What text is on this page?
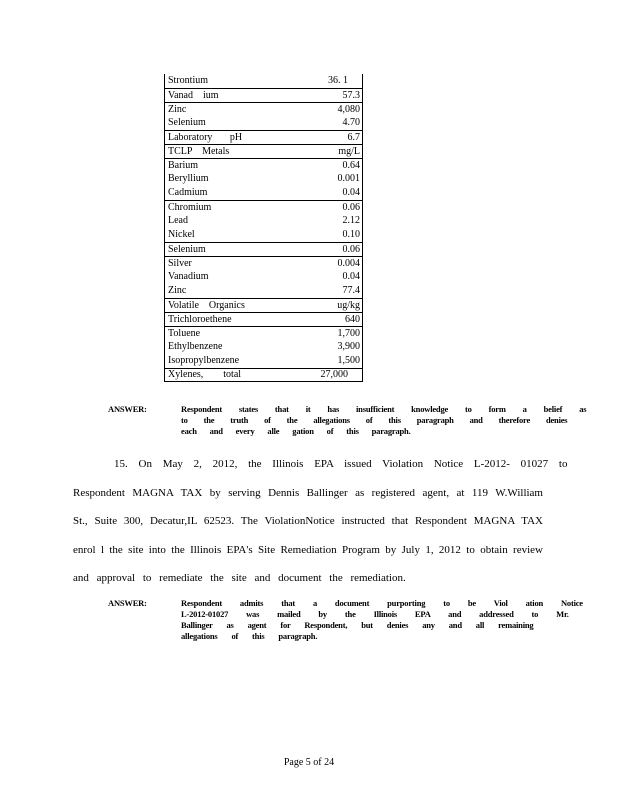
Strontium	36. 1
Vanad    ium	57.3
Zinc	4,080
Selenium	4.70
Laboratory       pH	6.7
TCLP    Metals	mg/L
Barium	0.64
Beryllium	0.001
Cadmium	0.04
Chromium	0.06
Lead	2.12
Nickel	0.10
Selenium	0.06
Silver	0.004
Vanadium	0.04
Zinc	77.4
Volatile    Organics	ug/kg
Trichloroethene	640
Toluene	1,700
Ethylbenzene	3,900
Isopropylbenzene	1,500
Xylenes,        total	27,000
ANSWER:	Respondent states that it has insufficient knowledge to form a belief as
to the truth of the allegations of this paragraph and therefore denies
each and every alle gation of this paragraph.
15. On May 2, 2012, the Illinois EPA issued Violation Notice L-2012- 01027 to
Respondent MAGNA TAX by serving Dennis Ballinger as registered agent, at 119 W.William
St., Suite 300, Decatur,IL 62523. The ViolationNotice instructed that Respondent MAGNA TAX
enrol l the site into the Illinois EPA's Site Remediation Program by July 1, 2012 to obtain review
and approval to remediate the site and document the remediation.
ANSWER:	Respondent admits that a document purporting to be Viol ation Notice
L-2012-01027 was mailed by the Illinois EPA and addressed to Mr.
Ballinger as agent for Respondent, but denies any and all remaining
allegations of this paragraph.
Page 5 of 24
